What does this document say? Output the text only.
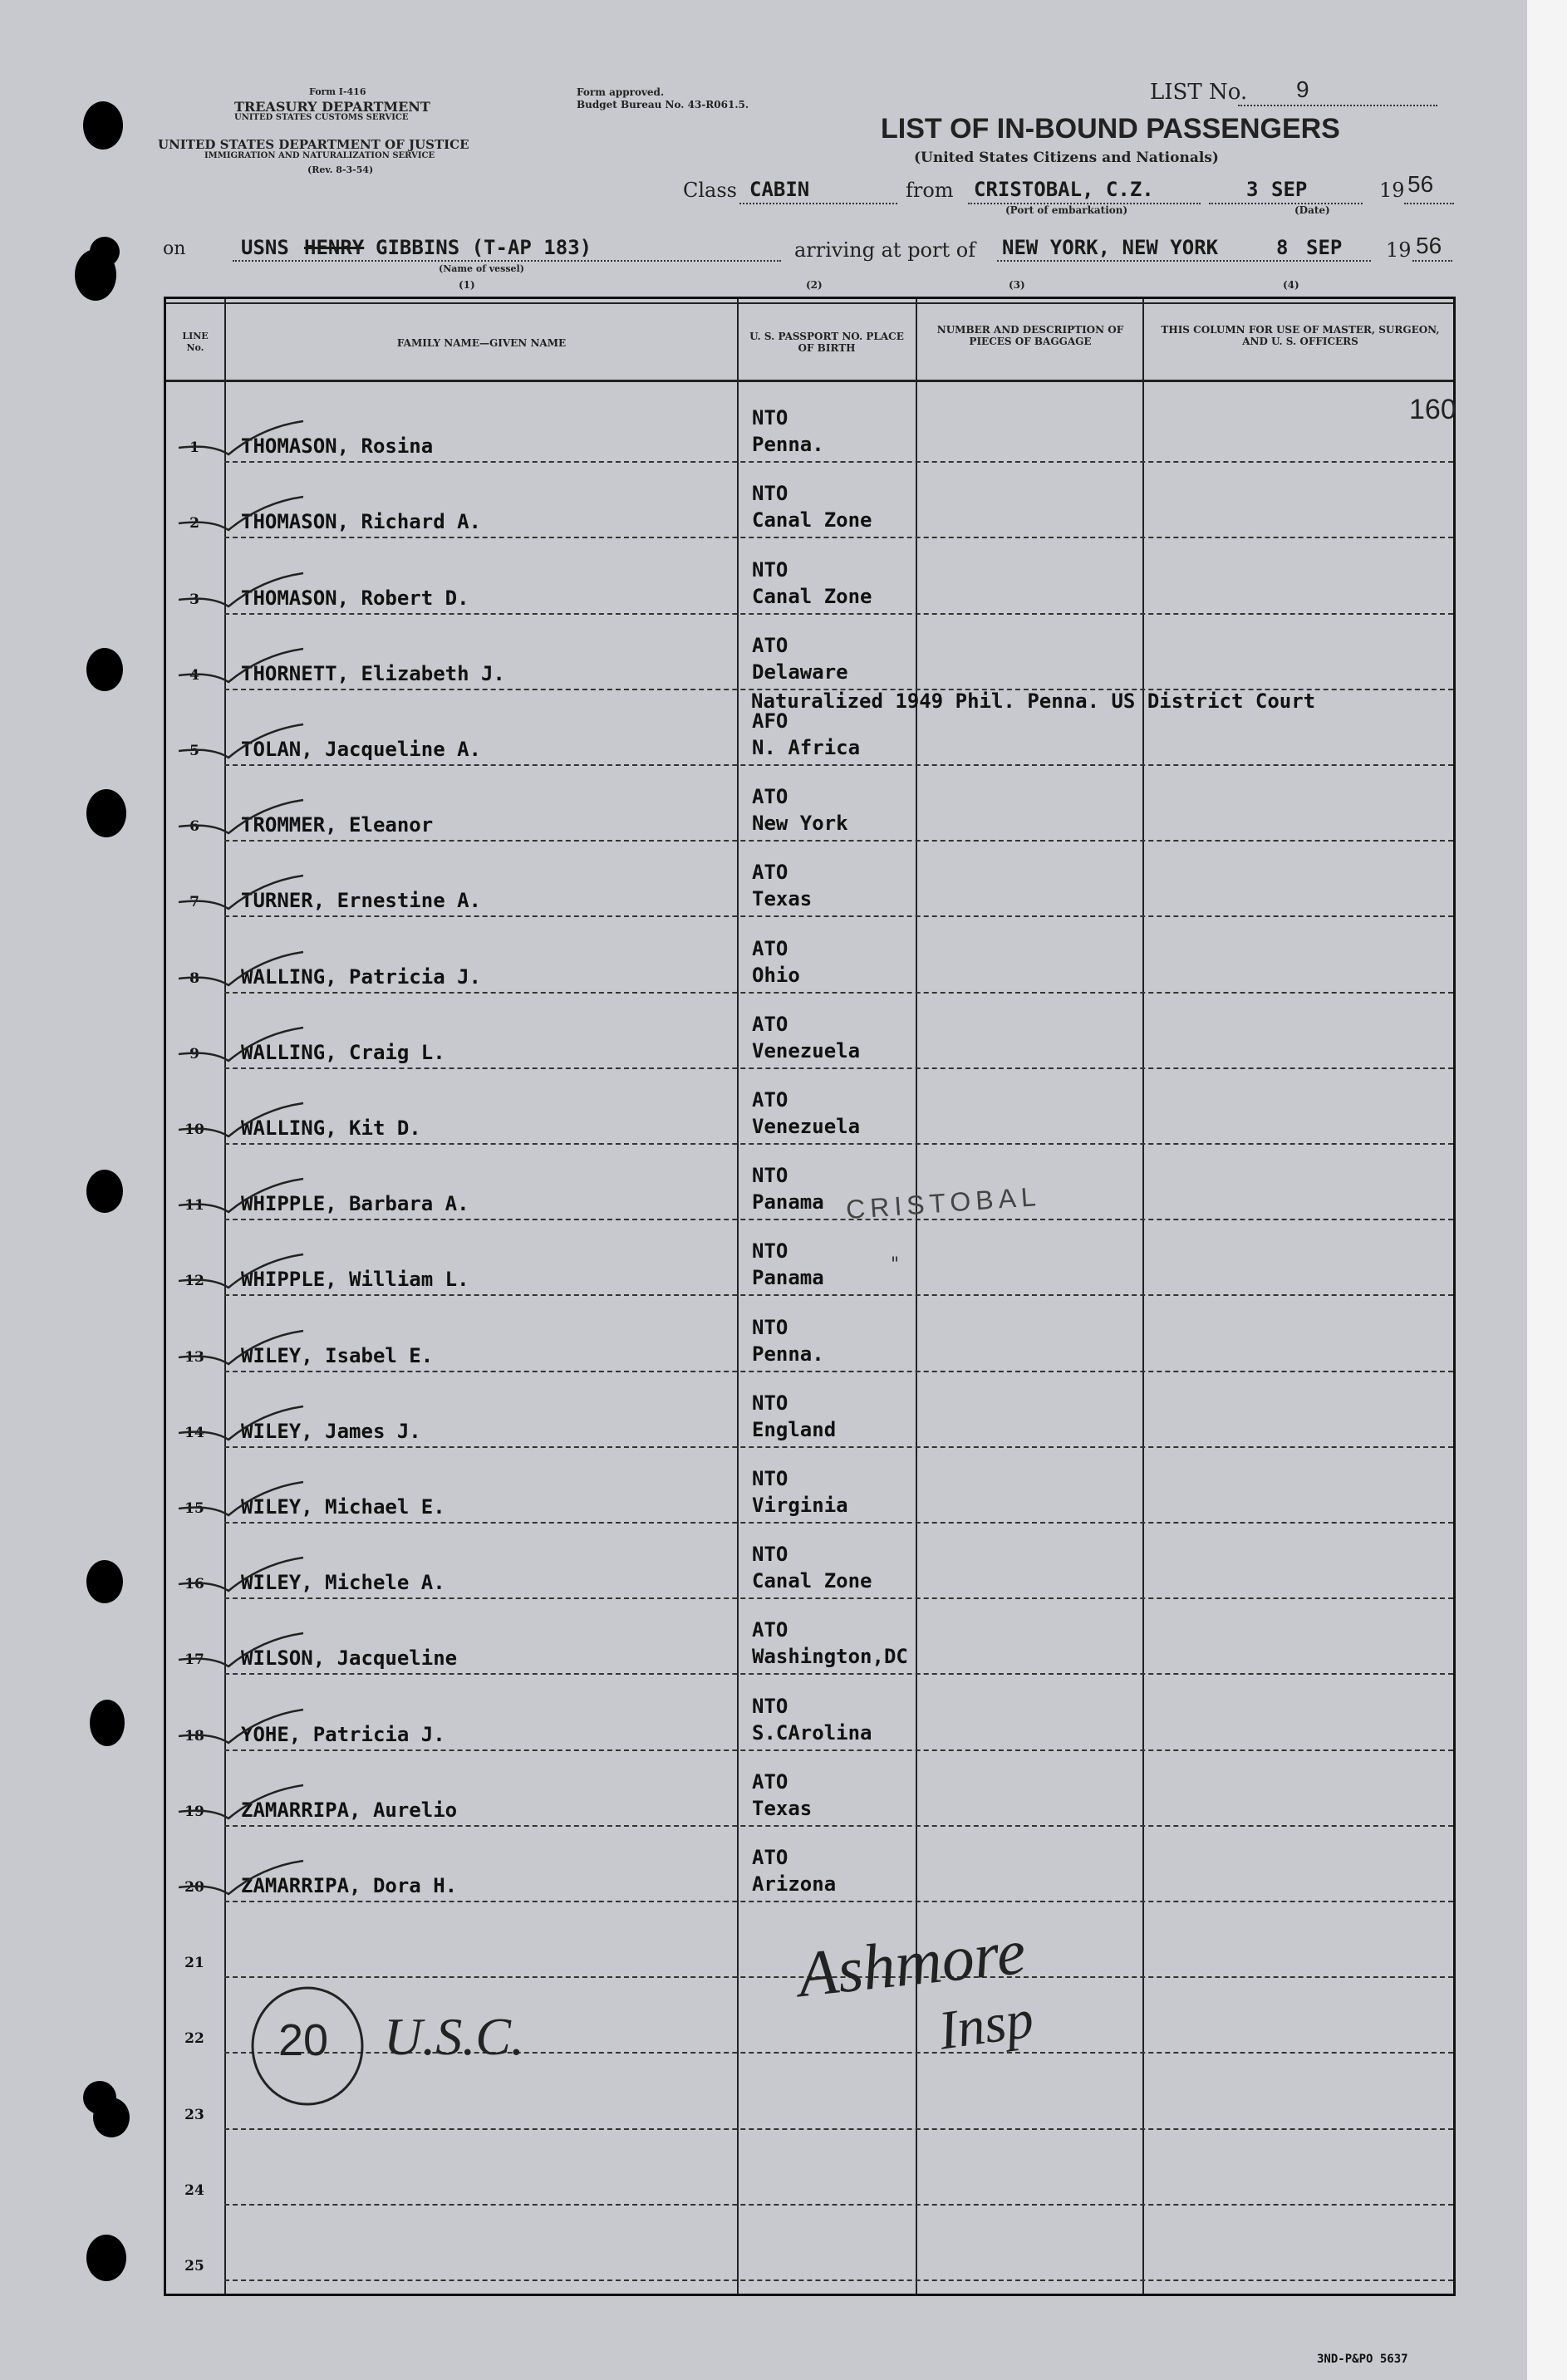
Form I-416
TREASURY DEPARTMENT
UNITED STATES CUSTOMS SERVICE
UNITED STATES DEPARTMENT OF JUSTICE
IMMIGRATION AND NATURALIZATION SERVICE
(Rev. 8-3-54)
Form approved.
Budget Bureau No. 43-R061.5.	LIST No. 9
LIST OF IN-BOUND PASSENGERS
(United States Citizens and Nationals)
Class CABIN	from CRISTOBAL, C.Z.
(Port of embarkation)
3 SEP
(Date)
19 56
on	USNS HENRY GIBBINS (T-AP 183)
(Name of vessel)
arriving at port of NEW YORK, NEW YORK	8 SEP 19 56
(1)	(2)	(3)	(4)
LINE No.	FAMILY NAME—GIVEN NAME
U. S. PASSPORT NO. PLACE OF BIRTH
NUMBER AND DESCRIPTION OF PIECES OF BAGGAGE
THIS COLUMN FOR USE OF MASTER, SURGEON, AND U. S. OFFICERS
1	THOMASON, Rosina
NTO
Penna.
2	THOMASON, Richard A.
NTO
Canal Zone
3	THOMASON, Robert D.
NTO
Canal Zone
4	THORNETT, Elizabeth J.
ATO
Delaware
5	TOLAN, Jacqueline A.
AFO
N. Africa
6	TROMMER, Eleanor
ATO
New York
7	TURNER, Ernestine A.
ATO
Texas
8	WALLING, Patricia J.
ATO
Ohio
9	WALLING, Craig L.
ATO
Venezuela
10	WALLING, Kit D.
ATO
Venezuela
11	WHIPPLE, Barbara A.
NTO
Panama
12	WHIPPLE, William L.
NTO
Panama
13	WILEY, Isabel E.
NTO
Penna.
14	WILEY, James J.
NTO
England
15	WILEY, Michael E.
NTO
Virginia
16	WILEY, Michele A.
NTO
Canal Zone
17	WILSON, Jacqueline
ATO
Washington,DC
18	YOHE, Patricia J.
NTO
S.CArolina
19	ZAMARRIPA, Aurelio
ATO
Texas
20	ZAMARRIPA, Dora H.
ATO
Arizona
21
22
23
24
25
160
Naturalized 1949 Phil. Penna. US District Court
CRISTOBAL
"
20 U.S.C.
Ashmore
Insp
3ND-P&PO 5637
